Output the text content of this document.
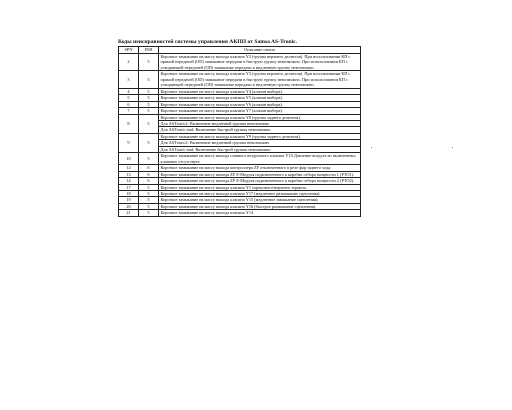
Коды неисправностей системы управления АКПП от Samsa AS-Tronic.
SPN	FMI	Описание отказа
2	5	Короткое замыкание на массу выхода клапана Y2 (группа верхнего делителя). При использовании КП с прямой передачей (OD) замыкание передачи в быструю группу невозможно. При использовании КП с ускоряющей передачей (OD) замыкание передачи в медленную группу невозможно.
3	5	Короткое замыкание на массу выхода клапана Y3 (группа верхнего делителя). При использовании КП с прямой передачей (OD) замыкание передачи в быструю группу невозможно. При использовании КП с ускоряющей передачей (OD) замыкание передачи в медленную группу невозможно.
4	5	Короткое замыкание на массу выхода клапана Y4 (клапан выбора).
5	5	Короткое замыкание на массу выхода клапана Y5 (клапан выбора).
6	5	Короткое замыкание на массу выхода клапана Y6 (клапан выбора).
7	5	Короткое замыкание на массу выхода клапана Y7 (клапан выбора).
8	5	Короткое замыкание на массу выхода клапана Y8 (группа заднего делителя).
		Для ASTronic2: Включение медленной группы невозможно
		Для ASTronic mid: Включение быстрой группы невозможно
9	5	Короткое замыкание на массу выхода клапана Y9 (группа заднего делителя).
		Для ASTronic2: Включение медленной группы невозможно
		Для ASTronic mid: Включение быстрой группы невозможно
10	5	Короткое замыкание на массу выхода главного воздушного клапана Y10.Давление воздуха во включенных клапанах отсутствует.
12	6	Короткое замыкание на массу выхода контроллера ZF отключенного в реле фар заднего хода.
13	6	Короткое замыкание на массу выхода ZF E-Модуля подключенного к коробке отбора мощности 1 (PTO1).
14	6	Короткое замыкание на массу выхода ZF E-Модуля подключенного к коробке отбора мощности 2 (PTO2).
17	5	Короткое замыкание на массу выхода клапана Y1 тормозного/верхнего тормоза.
18	5	Короткое замыкание на массу выхода клапана Y17 (медленное размыкание сцепления).
19	5	Короткое замыкание на массу выхода клапана Y15 (медленное замыкание сцепления).
20	5	Короткое замыкание на массу выхода клапана Y16 (быстрое размыкание сцепления).
21	5	Короткое замыкание на массу выхода клапана Y14.
